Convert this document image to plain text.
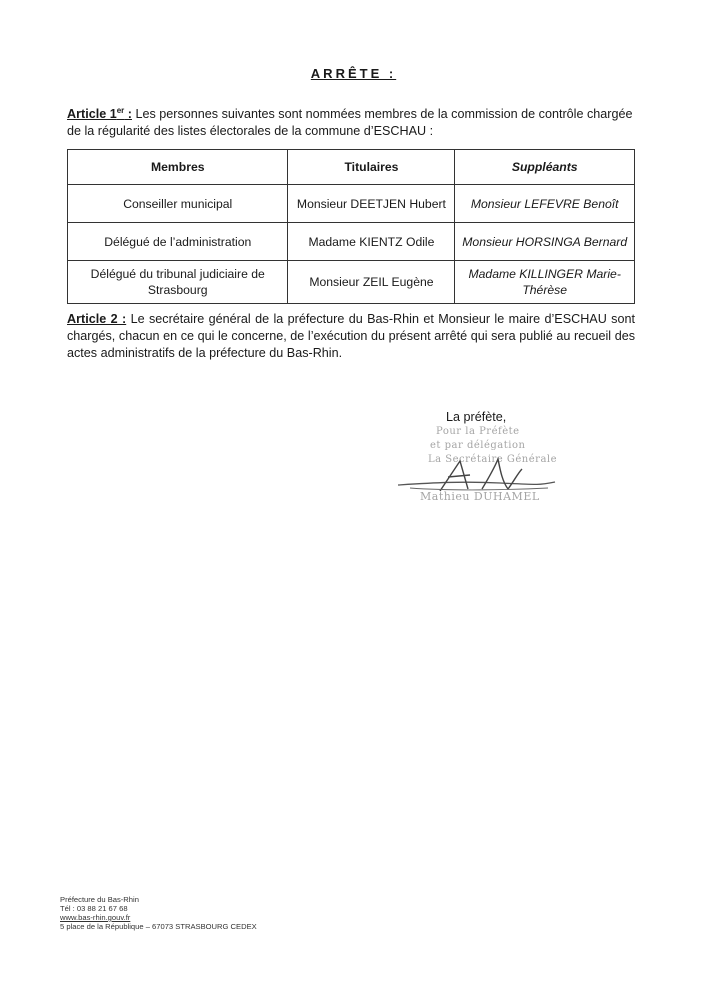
ARRÊTE :

Article 1er : Les personnes suivantes sont nommées membres de la commission de contrôle chargée de la régularité des listes électorales de la commune d’ESCHAU :

Membres	Titulaires	Suppléants
Conseiller municipal	Monsieur DEETJEN Hubert	Monsieur LEFEVRE Benoît
Délégué de l’administration	Madame KIENTZ Odile	Monsieur HORSINGA Bernard
Délégué du tribunal judiciaire de Strasbourg	Monsieur ZEIL Eugène	Madame KILLINGER Marie-Thérèse

Article 2 : Le secrétaire général de la préfecture du Bas-Rhin et Monsieur le maire d’ESCHAU sont chargés, chacun en ce qui le concerne, de l’exécution du présent arrêté qui sera publié au recueil des actes administratifs de la préfecture du Bas-Rhin.

La préfète,
Pour la Préfète
et par délégation
La Secrétaire Générale
Mathieu DUHAMEL
Préfecture du Bas-Rhin
Tél : 03 88 21 67 68
www.bas-rhin.gouv.fr
5 place de la République – 67073 STRASBOURG CEDEX
